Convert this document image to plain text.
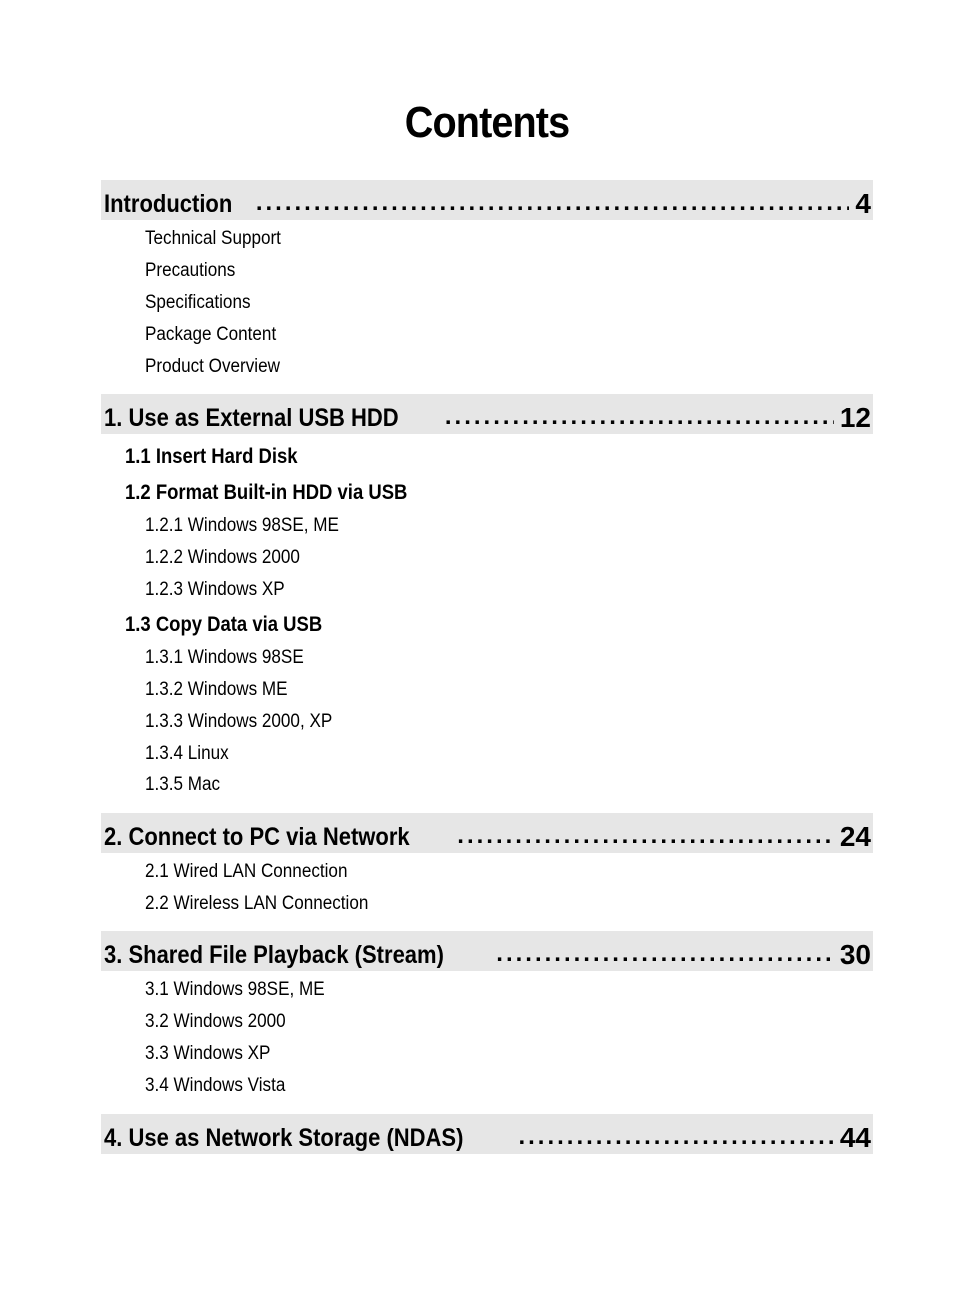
Contents
Introduction .....	4
Technical Support
Precautions
Specifications
Package Content
Product Overview
1. Use as External USB HDD .....	12
1.1 Insert Hard Disk
1.2 Format Built-in HDD via USB
1.2.1 Windows 98SE, ME
1.2.2 Windows 2000
1.2.3 Windows XP
1.3 Copy Data via USB
1.3.1 Windows 98SE
1.3.2 Windows ME
1.3.3 Windows 2000, XP
1.3.4 Linux
1.3.5 Mac
2. Connect to PC via Network .....	24
2.1 Wired LAN Connection
2.2 Wireless LAN Connection
3. Shared File Playback (Stream) .....	30
3.1 Windows 98SE, ME
3.2 Windows 2000
3.3 Windows XP
3.4 Windows Vista
4. Use as Network Storage (NDAS) .....	44
